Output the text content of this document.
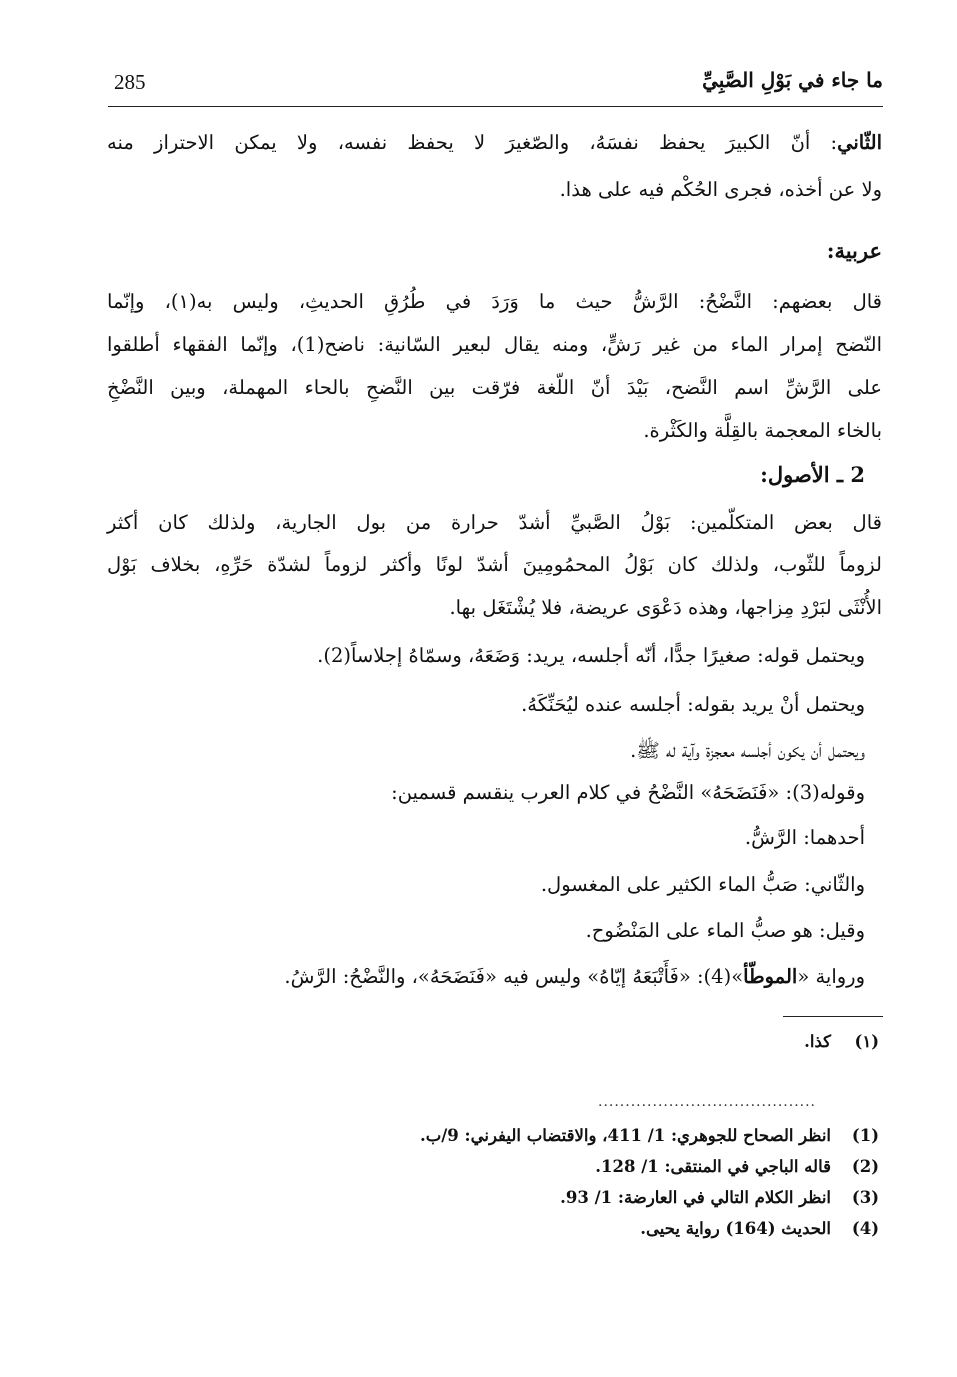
285	ما جاء في بَوْلِ الصَّبِيِّ
الثّاني: أنّ الكبيرَ يحفظ نفسَهُ، والصّغيرَ لا يحفظ نفسه، ولا يمكن الاحتراز منه
ولا عن أخذه، فجرى الحُكْم فيه على هذا.
عربية:
قال بعضهم: النَّضْحُ: الرَّشُّ حيث ما وَرَدَ في طُرُقِ الحديثِ، وليس به(١)، وإنّما
النّضح إمرار الماء من غير رَشٍّ، ومنه يقال لبعير السّانية: ناضح(1)، وإنّما الفقهاء أطلقوا
على الرَّشِّ اسم النَّضح، بَيْدَ أنّ اللّغة فرّقت بين النَّضحِ بالحاء المهملة، وبين النَّضْخِ
بالخاء المعجمة بالقِلَّة والكَثْرة.
2 ـ الأصول:
قال بعض المتكلّمين: بَوْلُ الصَّبيِّ أشدّ حرارة من بول الجارية، ولذلك كان أكثر
لزوماً للثّوب، ولذلك كان بَوْلُ المحمُومِينَ أشدّ لونًا وأكثر لزوماً لشدّة حَرِّهِ، بخلاف بَوْل
الأُنْثَى لبَرْدِ مِزاجها، وهذه دَعْوَى عريضة، فلا يُشْتَغَل بها.
ويحتمل قوله: صغيرًا جدًّا، أنّه أجلسه، يريد: وَضَعَهُ، وسمّاهُ إجلاساً(2).
ويحتمل أنْ يريد بقوله: أجلسه عنده ليُحَنِّكَهُ.
ويحتمل أن يكون أجلسه معجزة وآية له ﷺ.
وقوله(3): «فَنَضَحَهُ» النَّضْحُ في كلام العرب ينقسم قسمين:
أحدهما: الرَّشُّ.
والثّاني: صَبُّ الماء الكثير على المغسول.
وقيل: هو صبُّ الماء على المَنْضُوح.
ورواية «الموطّأ»(4): «فَأَتْبَعَهُ إيّاهُ» وليس فيه «فَنَضَحَهُ»، والنَّضْحُ: الرَّشُ.
(١)كذا.
........................................
(1)انظر الصحاح للجوهري: 1/ 411، والاقتضاب اليفرني: 9/ب.
(2)قاله الباجي في المنتقى: 1/ 128.
(3)انظر الكلام التالي في العارضة: 1/ 93.
(4)الحديث (164) رواية يحيى.
